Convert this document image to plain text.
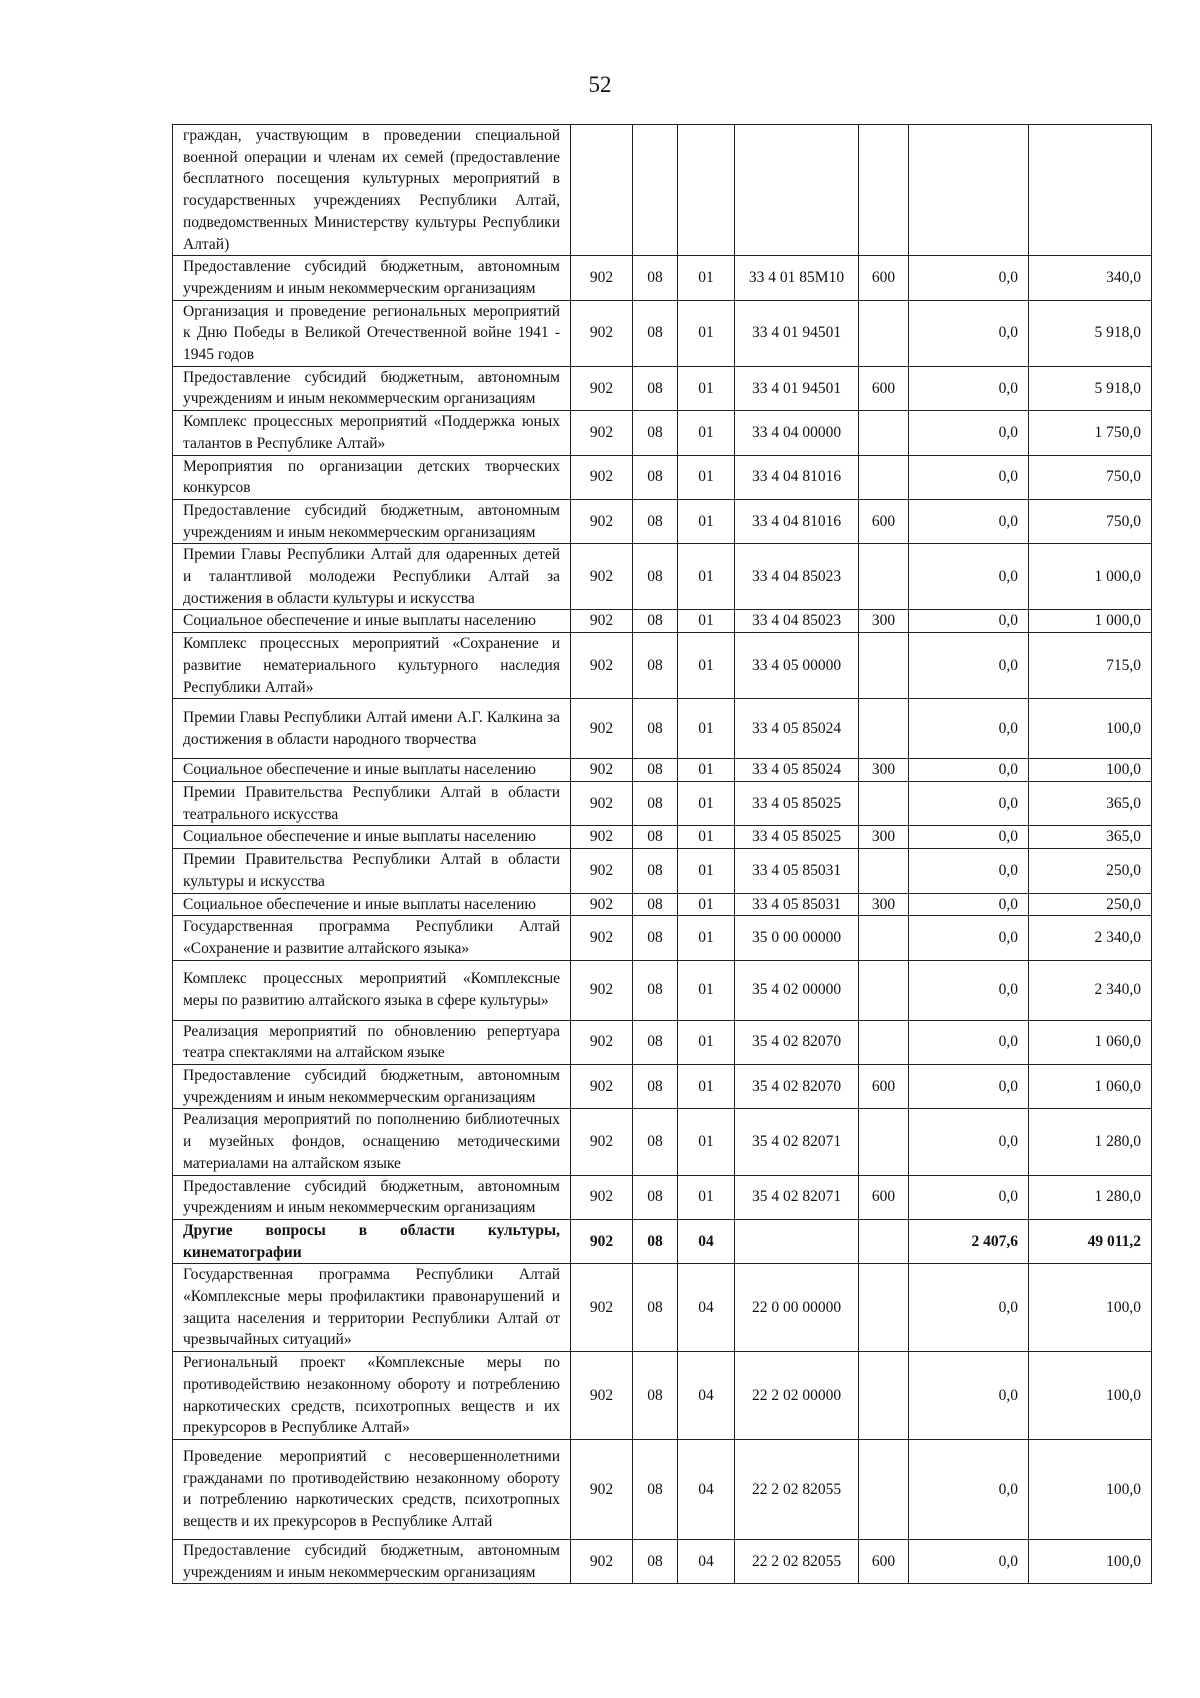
52
граждан, участвующим в проведении специальной военной операции и членам их семей (предоставление бесплатного посещения культурных мероприятий в государственных учреждениях Республики Алтай, подведомственных Министерству культуры Республики Алтай)							
Предоставление субсидий бюджетным, автономным учреждениям и иным некоммерческим организациям	902	08	01	33 4 01 85М10	600	0,0	340,0
Организация и проведение региональных мероприятий к Дню Победы в Великой Отечественной войне 1941 - 1945 годов	902	08	01	33 4 01 94501		0,0	5 918,0
Предоставление субсидий бюджетным, автономным учреждениям и иным некоммерческим организациям	902	08	01	33 4 01 94501	600	0,0	5 918,0
Комплекс процессных мероприятий «Поддержка юных талантов в Республике Алтай»	902	08	01	33 4 04 00000		0,0	1 750,0
Мероприятия по организации детских творческих конкурсов	902	08	01	33 4 04 81016		0,0	750,0
Предоставление субсидий бюджетным, автономным учреждениям и иным некоммерческим организациям	902	08	01	33 4 04 81016	600	0,0	750,0
Премии Главы Республики Алтай для одаренных детей и талантливой молодежи Республики Алтай за достижения в области культуры и искусства	902	08	01	33 4 04 85023		0,0	1 000,0
Социальное обеспечение и иные выплаты населению	902	08	01	33 4 04 85023	300	0,0	1 000,0
Комплекс процессных мероприятий «Сохранение и развитие нематериального культурного наследия Республики Алтай»	902	08	01	33 4 05 00000		0,0	715,0
Премии Главы Республики Алтай имени А.Г. Калкина за достижения в области народного творчества	902	08	01	33 4 05 85024		0,0	100,0
Социальное обеспечение и иные выплаты населению	902	08	01	33 4 05 85024	300	0,0	100,0
Премии Правительства Республики Алтай в области театрального искусства	902	08	01	33 4 05 85025		0,0	365,0
Социальное обеспечение и иные выплаты населению	902	08	01	33 4 05 85025	300	0,0	365,0
Премии Правительства Республики Алтай в области культуры и искусства	902	08	01	33 4 05 85031		0,0	250,0
Социальное обеспечение и иные выплаты населению	902	08	01	33 4 05 85031	300	0,0	250,0
Государственная программа Республики Алтай «Сохранение и развитие алтайского языка»	902	08	01	35 0 00 00000		0,0	2 340,0
Комплекс процессных мероприятий «Комплексные меры по развитию алтайского языка в сфере культуры»	902	08	01	35 4 02 00000		0,0	2 340,0
Реализация мероприятий по обновлению репертуара театра спектаклями на алтайском языке	902	08	01	35 4 02 82070		0,0	1 060,0
Предоставление субсидий бюджетным, автономным учреждениям и иным некоммерческим организациям	902	08	01	35 4 02 82070	600	0,0	1 060,0
Реализация мероприятий по пополнению библиотечных и музейных фондов, оснащению методическими материалами на алтайском языке	902	08	01	35 4 02 82071		0,0	1 280,0
Предоставление субсидий бюджетным, автономным учреждениям и иным некоммерческим организациям	902	08	01	35 4 02 82071	600	0,0	1 280,0
Другие вопросы в области культуры, кинематографии	902	08	04			2 407,6	49 011,2
Государственная программа Республики Алтай «Комплексные меры профилактики правонарушений и защита населения и территории Республики Алтай от чрезвычайных ситуаций»	902	08	04	22 0 00 00000		0,0	100,0
Региональный проект «Комплексные меры по противодействию незаконному обороту и потреблению наркотических средств, психотропных веществ и их прекурсоров в Республике Алтай»	902	08	04	22 2 02 00000		0,0	100,0
Проведение мероприятий с несовершеннолетними гражданами по противодействию незаконному обороту и потреблению наркотических средств, психотропных веществ и их прекурсоров в Республике Алтай	902	08	04	22 2 02 82055		0,0	100,0
Предоставление субсидий бюджетным, автономным учреждениям и иным некоммерческим организациям	902	08	04	22 2 02 82055	600	0,0	100,0
